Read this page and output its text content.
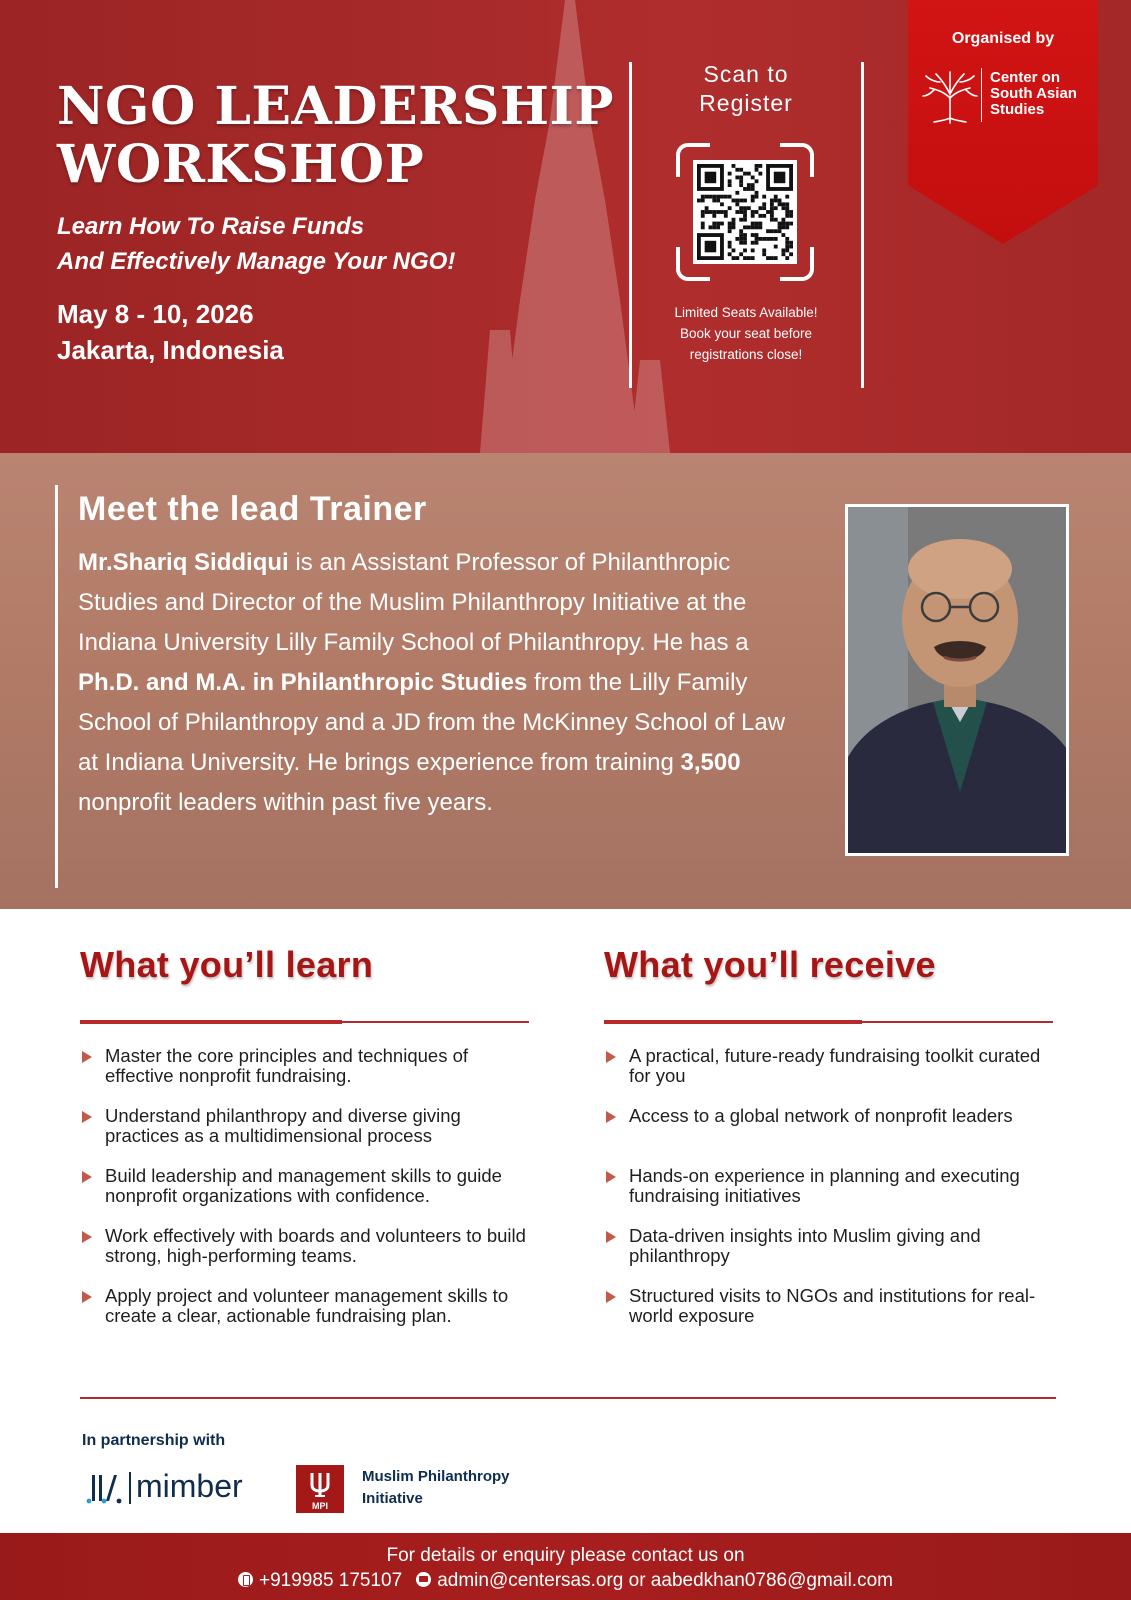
NGO LEADERSHIP
WORKSHOP
Learn How To Raise Funds
And Effectively Manage Your NGO!
May 8 - 10, 2026
Jakarta, Indonesia
Scan to
Register
Limited Seats Available!
Book your seat before
registrations close!
Organised by
Center on
South Asian
Studies
Meet the lead Trainer

Mr.Shariq Siddiqui is an Assistant Professor of Philanthropic Studies and Director of the Muslim Philanthropy Initiative at the Indiana University Lilly Family School of Philanthropy. He has a Ph.D. and M.A. in Philanthropic Studies from the Lilly Family School of Philanthropy and a JD from the McKinney School of Law at Indiana University. He brings experience from training 3,500 nonprofit leaders within past five years.

What you’ll learn
Master the core principles and techniques of effective nonprofit fundraising.
Understand philanthropy and diverse giving practices as a multidimensional process
Build leadership and management skills to guide nonprofit organizations with confidence.
Work effectively with boards and volunteers to build strong, high-performing teams.
Apply project and volunteer management skills to create a clear, actionable fundraising plan.
What you’ll receive
A practical, future-ready fundraising toolkit curated for you
Access to a global network of nonprofit leaders
Hands-on experience in planning and executing fundraising initiatives
Data-driven insights into Muslim giving and philanthropy
Structured visits to NGOs and institutions for real-world exposure
In partnership with
mimber
MPI
Muslim Philanthropy
Initiative
For details or enquiry please contact us on
+919985 175107 admin@centersas.org or aabedkhan0786@gmail.com
